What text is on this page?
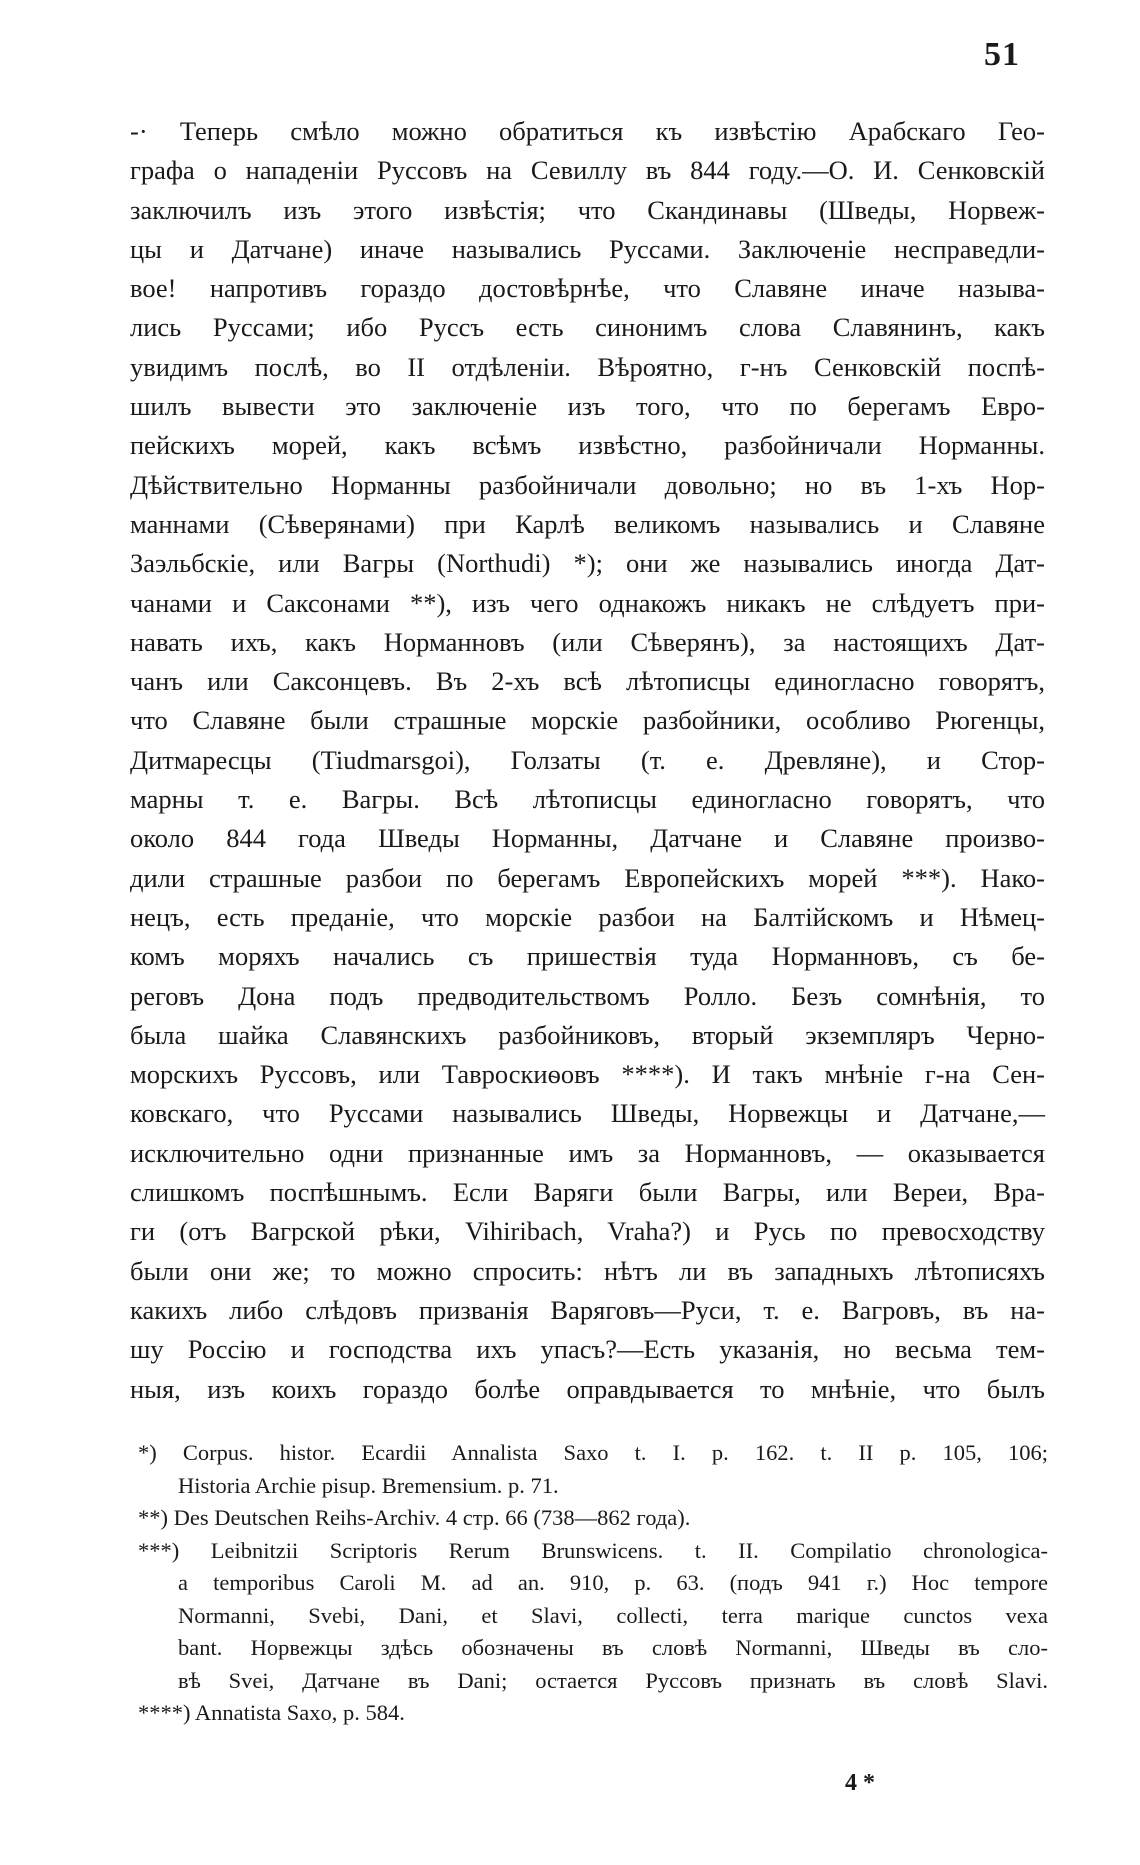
51
-· Теперь смѣло можно обратиться къ извѣстію Арабскаго Гео-
графа о нападеніи Руссовъ на Севиллу въ 844 году.—О. И. Сенковскій
заключилъ изъ этого извѣстія; что Скандинавы (Шведы, Норвеж-
цы и Датчане) иначе назывались Руссами. Заключеніе несправедли-
вое! напротивъ гораздо достовѣрнѣе, что Славяне иначе называ-
лись Руссами; ибо Руссъ есть синонимъ слова Славянинъ, какъ
увидимъ послѣ, во II отдѣленіи. Вѣроятно, г-нъ Сенковскій поспѣ-
шилъ вывести это заключеніе изъ того, что по берегамъ Евро-
пейскихъ морей, какъ всѣмъ извѣстно, разбойничали Норманны.
Дѣйствительно Норманны разбойничали довольно; но въ 1-хъ Нор-
маннами (Сѣверянами) при Карлѣ великомъ назывались и Славяне
Заэльбскіе, или Вагры (Northudi) *); они же назывались иногда Дат-
чанами и Саксонами **), изъ чего однакожъ никакъ не слѣдуетъ при-
навать ихъ, какъ Норманновъ (или Сѣверянъ), за настоящихъ Дат-
чанъ или Саксонцевъ. Въ 2-хъ всѣ лѣтописцы единогласно говорятъ,
что Славяне были страшные морскіе разбойники, особливо Рюгенцы,
Дитмаресцы (Tiudmarsgoi), Голзаты (т. е. Древляне), и Стор-
марны т. е. Вагры. Всѣ лѣтописцы единогласно говорятъ, что
около 844 года Шведы Норманны, Датчане и Славяне произво-
дили страшные разбои по берегамъ Европейскихъ морей ***). Нако-
нецъ, есть преданіе, что морскіе разбои на Балтійскомъ и Нѣмец-
комъ моряхъ начались съ пришествія туда Норманновъ, съ бе-
реговъ Дона подъ предводительствомъ Ролло. Безъ сомнѣнія, то
была шайка Славянскихъ разбойниковъ, вторый экземпляръ Черно-
морскихъ Руссовъ, или Тавроскиѳовъ ****). И такъ мнѣніе г-на Сен-
ковскаго, что Руссами назывались Шведы, Норвежцы и Датчане,—
исключительно одни признанные имъ за Норманновъ, — оказывается
слишкомъ поспѣшнымъ. Если Варяги были Вагры, или Вереи, Вра-
ги (отъ Вагрской рѣки, Vihiribach, Vraha?) и Русь по превосходству
были они же; то можно спросить: нѣтъ ли въ западныхъ лѣтописяхъ
какихъ либо слѣдовъ призванія Варяговъ—Руси, т. е. Вагровъ, въ на-
шу Россію и господства ихъ упасъ?—Есть указанія, но весьма тем-
ныя, изъ коихъ гораздо болѣе оправдывается то мнѣніе, что былъ
*) Corpus. histor. Ecardii Annalista Saxo t. I. p. 162. t. II p. 105, 106;
Historia Archie pisup. Bremensium. p. 71.
**) Des Deutschen Reihs-Archiv. 4 стр. 66 (738—862 года).
***) Leibnitzii Scriptoris Rerum Brunswicens. t. II. Compilatio chronologica-
a temporibus Caroli M. ad an. 910, p. 63. (подъ 941 г.) Hoc tempore
Normanni, Svebi, Dani, et Slavi, collecti, terra marique cunctos vexa
bant. Норвежцы здѣсь обозначены въ словѣ Normanni, Шведы въ сло-
вѣ Svei, Датчане въ Dani; остается Руссовъ признать въ словѣ Slavi.
****) Annatista Saxo, p. 584.
4 *
